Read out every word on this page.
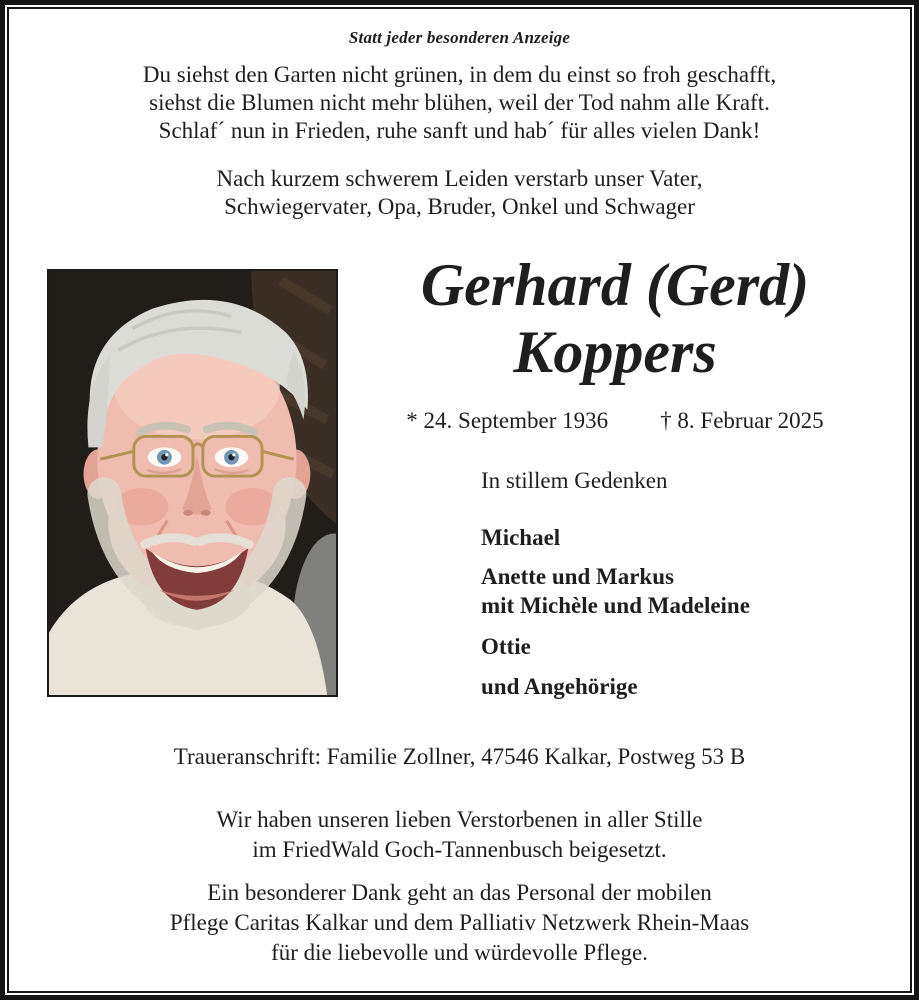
Statt jeder besonderen Anzeige
Du siehst den Garten nicht grünen, in dem du einst so froh geschafft,
siehst die Blumen nicht mehr blühen, weil der Tod nahm alle Kraft.
Schlaf´ nun in Frieden, ruhe sanft und hab´ für alles vielen Dank!
Nach kurzem schwerem Leiden verstarb unser Vater,
Schwiegervater, Opa, Bruder, Onkel und Schwager
Gerhard (Gerd)
Koppers
* 24. September 1936 † 8. Februar 2025
In stillem Gedenken
Michael
Anette und Markus
mit Michèle und Madeleine
Ottie
und Angehörige
Traueranschrift: Familie Zollner, 47546 Kalkar, Postweg 53 B
Wir haben unseren lieben Verstorbenen in aller Stille
im FriedWald Goch-Tannenbusch beigesetzt.
Ein besonderer Dank geht an das Personal der mobilen
Pflege Caritas Kalkar und dem Palliativ Netzwerk Rhein-Maas
für die liebevolle und würdevolle Pflege.
